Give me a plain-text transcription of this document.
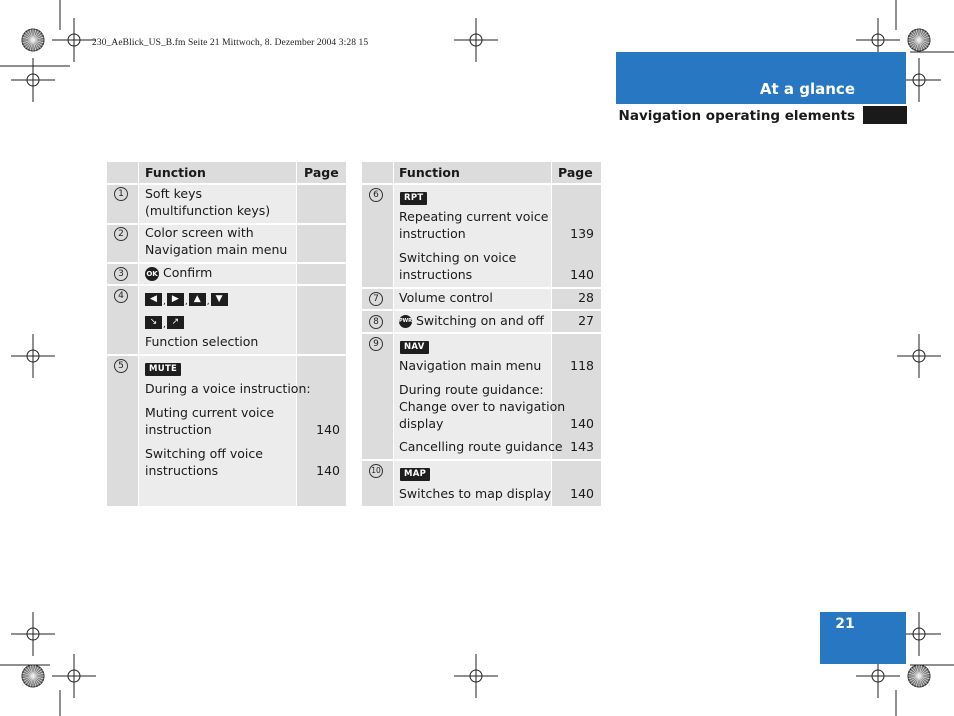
230_AeBlick_US_B.fm Seite 21 Mittwoch, 8. Dezember 2004 3:28 15
At a glance
Navigation operating elements
21
Function	Page
1	Soft keys
(multifunction keys)
2	Color screen with
Navigation main menu
3	OK Confirm
4	◀ , ▶ , ▲ , ▼
↘ , ↗
Function selection
5	MUTE
During a voice instruction:
Muting current voice
instruction	140
Switching off voice
instructions	140
Function	Page
6	RPT
Repeating current voice
instruction	139
Switching on voice
instructions	140
7	Volume control	28
8	PWR Switching on and off	27
9	NAV
Navigation main menu	118
During route guidance:
Change over to navigation
display	140
Cancelling route guidance 143
10	MAP
Switches to map display	140
